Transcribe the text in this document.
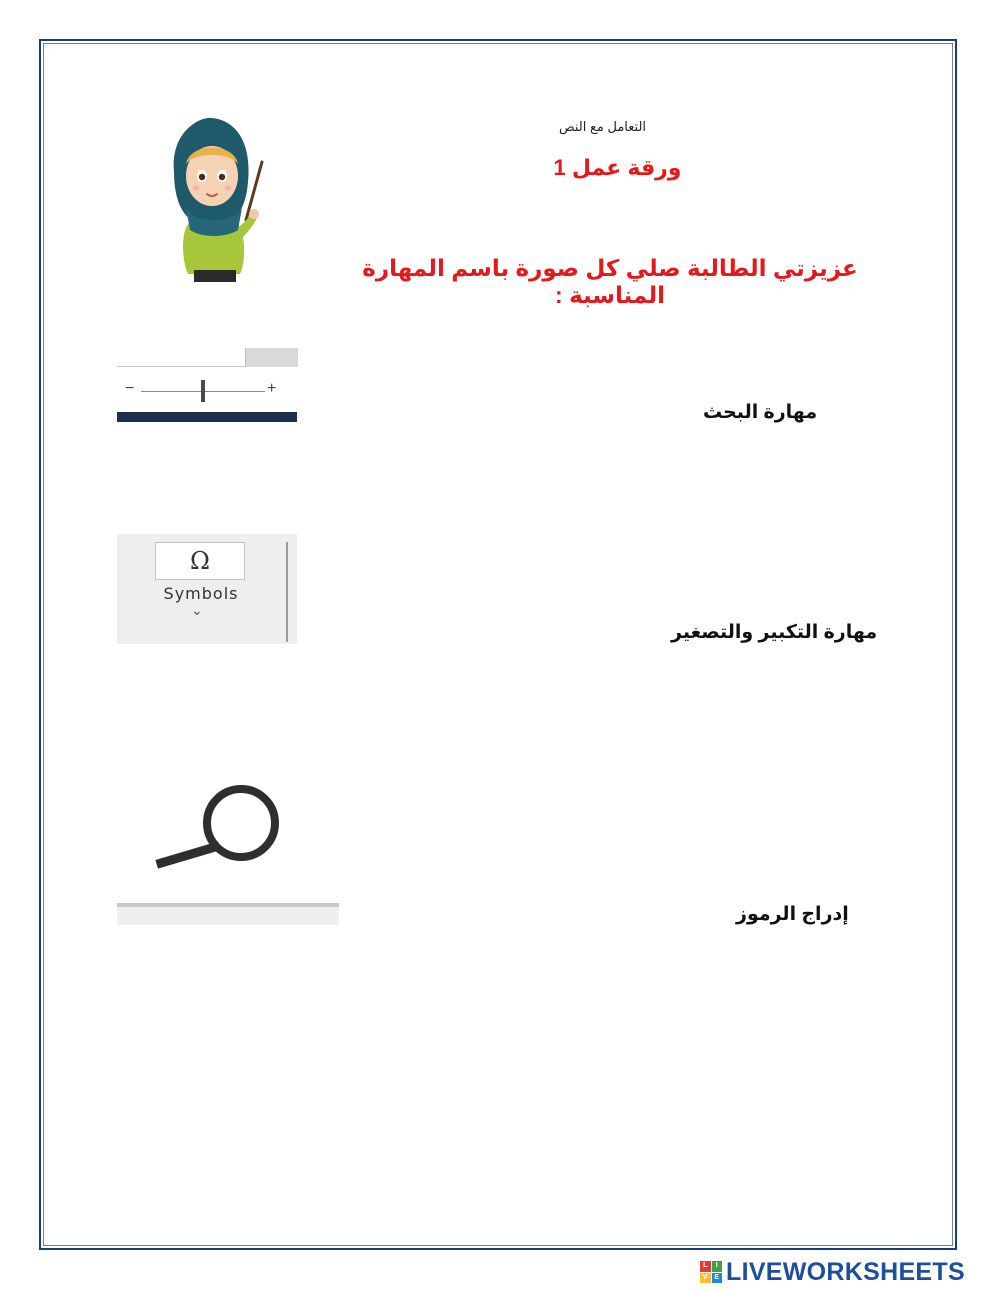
التعامل مع النص
ورقة عمل 1
عزيزتي الطالبة صلي كل صورة باسم المهارة المناسبة :
−	+
مهارة البحث
Ω
Symbols
⌄
مهارة التكبير والتصغير
إدراج الرموز
L	I
V E LIVEWORKSHEETS
